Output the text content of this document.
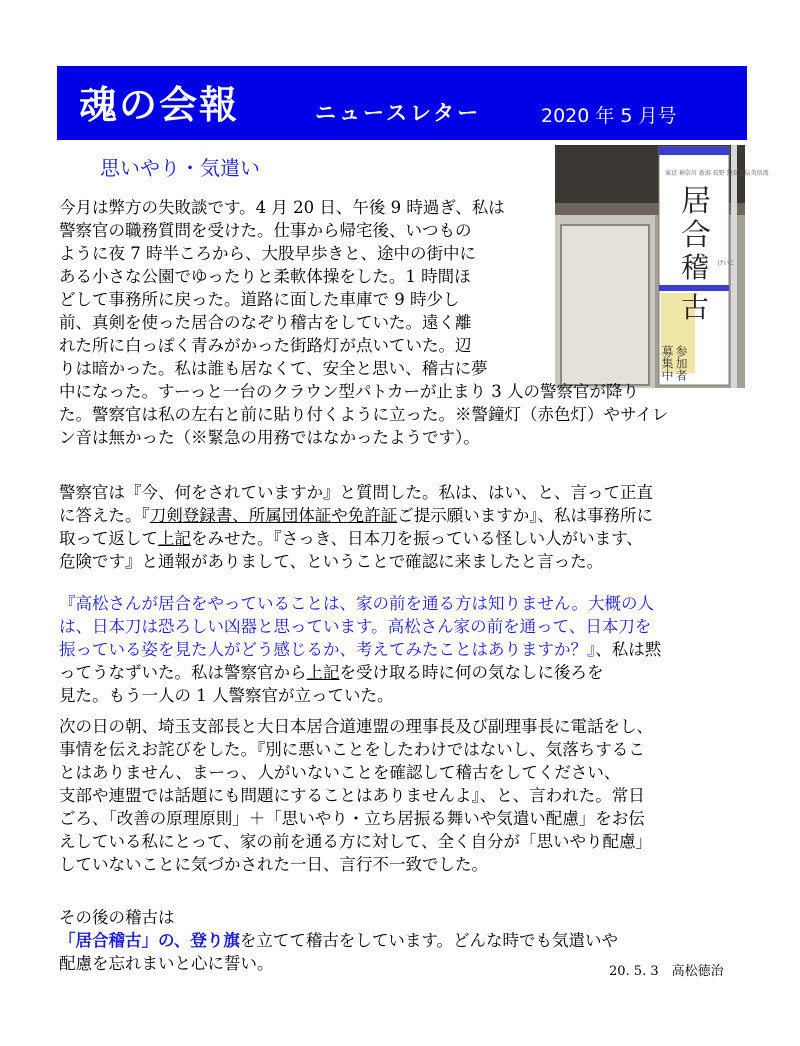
魂の会報	ニュースレター	2020 年 5 月号
東京 神奈川 新潟 長野 無双直伝英信流
居
合
稽
古
けいこ
参加者
募集中
思いやり・気遣い
今月は弊方の失敗談です。4 月 20 日、午後 9 時過ぎ、私は
警察官の職務質問を受けた。仕事から帰宅後、いつもの
ように夜 7 時半ころから、大股早歩きと、途中の街中に
ある小さな公園でゆったりと柔軟体操をした。1 時間ほ
どして事務所に戻った。道路に面した車庫で 9 時少し
前、真剣を使った居合のなぞり稽古をしていた。遠く離
れた所に白っぽく青みがかった街路灯が点いていた。辺
りは暗かった。私は誰も居なくて、安全と思い、稽古に夢
中になった。すーっと一台のクラウン型パトカーが止まり 3 人の警察官が降り
た。警察官は私の左右と前に貼り付くように立った。※警鐘灯（赤色灯）やサイレ
ン音は無かった（※緊急の用務ではなかったようです）。
警察官は『今、何をされていますか』と質問した。私は、はい、と、言って正直
に答えた。『刀剣登録書、所属団体証や免許証ご提示願いますか』、私は事務所に
取って返して上記をみせた。『さっき、日本刀を振っている怪しい人がいます、
危険です』と通報がありまして、ということで確認に来ましたと言った。
『高松さんが居合をやっていることは、家の前を通る方は知りません。大概の人
は、日本刀は恐ろしい凶器と思っています。高松さん家の前を通って、日本刀を
振っている姿を見た人がどう感じるか、考えてみたことはありますか？』、私は黙
ってうなずいた。私は警察官から上記を受け取る時に何の気なしに後ろを
見た。もう一人の 1 人警察官が立っていた。
次の日の朝、埼玉支部長と大日本居合道連盟の理事長及び副理事長に電話をし、
事情を伝えお詫びをした。『別に悪いことをしたわけではないし、気落ちするこ
とはありません、まーっ、人がいないことを確認して稽古をしてください、
支部や連盟では話題にも問題にすることはありませんよ』、と、言われた。常日
ごろ、「改善の原理原則」＋「思いやり・立ち居振る舞いや気遣い配慮」をお伝
えしている私にとって、家の前を通る方に対して、全く自分が「思いやり配慮」
していないことに気づかされた一日、言行不一致でした。
その後の稽古は
「居合稽古」の、登り旗を立てて稽古をしています。どんな時でも気遣いや
配慮を忘れまいと心に誓い。	20. 5. 3　高松徳治
